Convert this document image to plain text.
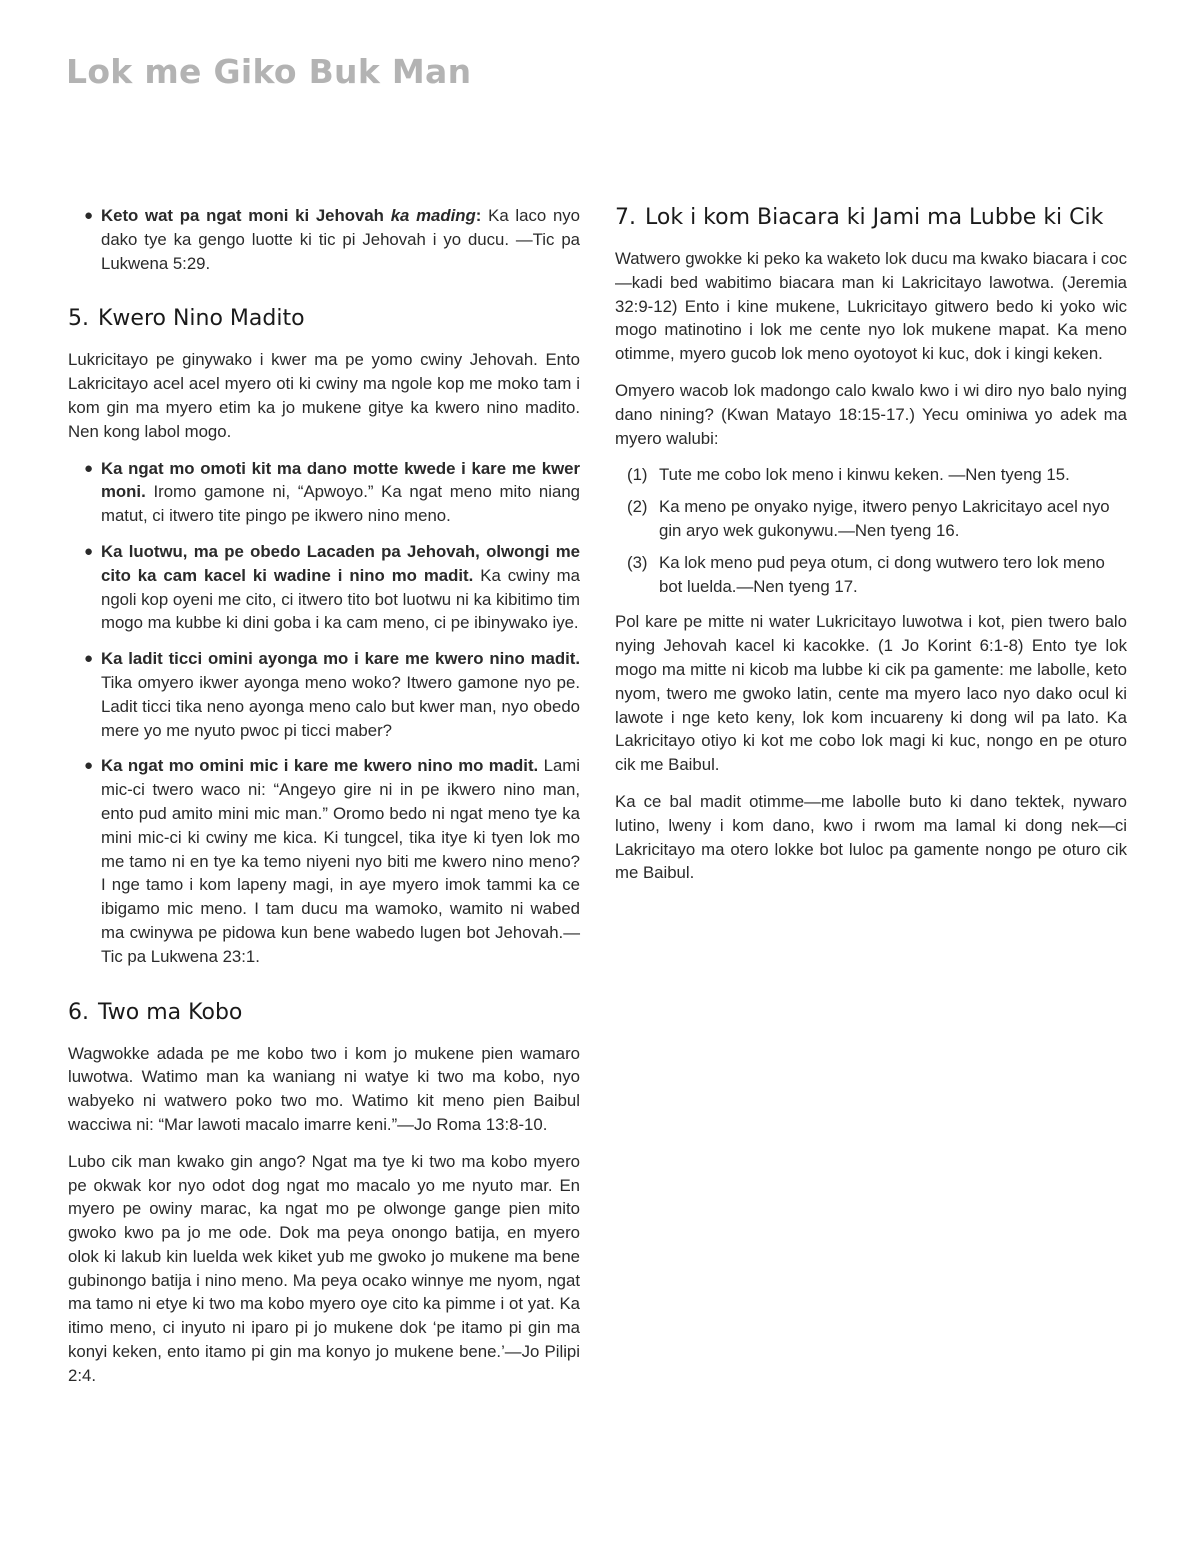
Lok me Giko Buk Man
● Keto wat pa ngat moni ki Jehovah ka mading: Ka laco nyo dako tye ka gengo luotte ki tic pi Jehovah i yo ducu. —Tic pa Lukwena 5:29.
5. Kwero Nino Madito

Lukricitayo pe ginywako i kwer ma pe yomo cwiny Jehovah. Ento Lakricitayo acel acel myero oti ki cwiny ma ngole kop me moko tam i kom gin ma myero etim ka jo mukene gitye ka kwero nino madito. Nen kong labol mogo.

● Ka ngat mo omoti kit ma dano motte kwede i kare me kwer moni. Iromo gamone ni, “Apwoyo.” Ka ngat meno mito niang matut, ci itwero tite pingo pe ikwero nino meno.
● Ka luotwu, ma pe obedo Lacaden pa Jehovah, olwongi me cito ka cam kacel ki wadine i nino mo madit. Ka cwiny ma ngoli kop oyeni me cito, ci itwero tito bot luotwu ni ka kibitimo tim mogo ma kubbe ki dini goba i ka cam meno, ci pe ibinywako iye.
● Ka ladit ticci omini ayonga mo i kare me kwero nino madit. Tika omyero ikwer ayonga meno woko? Itwero gamone nyo pe. Ladit ticci tika neno ayonga meno calo but kwer man, nyo obedo mere yo me nyuto pwoc pi ticci maber?
● Ka ngat mo omini mic i kare me kwero nino mo madit. Lami mic-ci twero waco ni: “Angeyo gire ni in pe ikwero nino man, ento pud amito mini mic man.” Oromo bedo ni ngat meno tye ka mini mic-ci ki cwiny me kica. Ki tungcel, tika itye ki tyen lok mo me tamo ni en tye ka temo niyeni nyo biti me kwero nino meno? I nge tamo i kom lapeny magi, in aye myero imok tammi ka ce ibigamo mic meno. I tam ducu ma wamoko, wamito ni wabed ma cwinywa pe pidowa kun bene wabedo lugen bot Jehovah.—Tic pa Lukwena 23:1.
6. Two ma Kobo

Wagwokke adada pe me kobo two i kom jo mukene pien wamaro luwotwa. Watimo man ka waniang ni watye ki two ma kobo, nyo wabyeko ni watwero poko two mo. Watimo kit meno pien Baibul wacciwa ni: “Mar lawoti macalo imarre keni.”—Jo Roma 13:8-10.

Lubo cik man kwako gin ango? Ngat ma tye ki two ma kobo myero pe okwak kor nyo odot dog ngat mo macalo yo me nyuto mar. En myero pe owiny marac, ka ngat mo pe olwonge gange pien mito gwoko kwo pa jo me ode. Dok ma peya onongo batija, en myero olok ki lakub kin luelda wek kiket yub me gwoko jo mukene ma bene gubinongo batija i nino meno. Ma peya ocako winnye me nyom, ngat ma tamo ni etye ki two ma kobo myero oye cito ka pimme i ot yat. Ka itimo meno, ci inyuto ni iparo pi jo mukene dok ‘pe itamo pi gin ma konyi keken, ento itamo pi gin ma konyo jo mukene bene.’—Jo Pilipi 2:4.

7. Lok i kom Biacara ki Jami ma Lubbe ki Cik

Watwero gwokke ki peko ka waketo lok ducu ma kwako biacara i coc—kadi bed wabitimo biacara man ki Lakricitayo lawotwa. (Jeremia 32:9-12) Ento i kine mukene, Lukricitayo gitwero bedo ki yoko wic mogo matinotino i lok me cente nyo lok mukene mapat. Ka meno otimme, myero gucob lok meno oyotoyot ki kuc, dok i kingi keken.

Omyero wacob lok madongo calo kwalo kwo i wi diro nyo balo nying dano nining? (Kwan Matayo 18:15-17.) Yecu ominiwa yo adek ma myero walubi:

(1) Tute me cobo lok meno i kinwu keken. —Nen tyeng 15.
(2) Ka meno pe onyako nyige, itwero penyo Lakricitayo acel nyo gin aryo wek gukonywu.—Nen tyeng 16.
(3) Ka lok meno pud peya otum, ci dong wutwero tero lok meno bot luelda.—Nen tyeng 17.

Pol kare pe mitte ni water Lukricitayo luwotwa i kot, pien twero balo nying Jehovah kacel ki kacokke. (1 Jo Korint 6:1-8) Ento tye lok mogo ma mitte ni kicob ma lubbe ki cik pa gamente: me labolle, keto nyom, twero me gwoko latin, cente ma myero laco nyo dako ocul ki lawote i nge keto keny, lok kom incuareny ki dong wil pa lato. Ka Lakricitayo otiyo ki kot me cobo lok magi ki kuc, nongo en pe oturo cik me Baibul.

Ka ce bal madit otimme—me labolle buto ki dano tektek, nywaro lutino, lweny i kom dano, kwo i rwom ma lamal ki dong nek—ci Lakricitayo ma otero lokke bot luloc pa gamente nongo pe oturo cik me Baibul.
